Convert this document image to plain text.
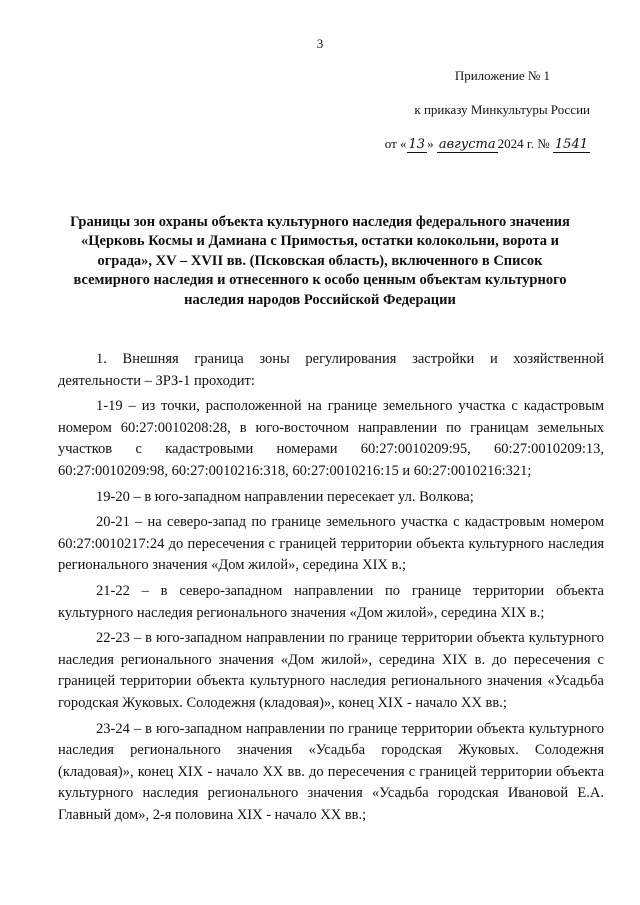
3
Приложение № 1
к приказу Минкультуры России
от « 13 » августа 2024 г. № 1541
Границы зон охраны объекта культурного наследия федерального значения «Церковь Космы и Дамиана с Примостья, остатки колокольни, ворота и ограда», XV – XVII вв. (Псковская область), включенного в Список всемирного наследия и отнесенного к особо ценным объектам культурного наследия народов Российской Федерации

1. Внешняя граница зоны регулирования застройки и хозяйственной деятельности – ЗРЗ-1 проходит:

1-19 – из точки, расположенной на границе земельного участка с кадастровым номером 60:27:0010208:28, в юго-восточном направлении по границам земельных участков с кадастровыми номерами 60:27:0010209:95, 60:27:0010209:13, 60:27:0010209:98, 60:27:0010216:318, 60:27:0010216:15 и 60:27:0010216:321;

19-20 – в юго-западном направлении пересекает ул. Волкова;

20-21 – на северо-запад по границе земельного участка с кадастровым номером 60:27:0010217:24 до пересечения с границей территории объекта культурного наследия регионального значения «Дом жилой», середина XIX в.;

21-22 – в северо-западном направлении по границе территории объекта культурного наследия регионального значения «Дом жилой», середина XIX в.;

22-23 – в юго-западном направлении по границе территории объекта культурного наследия регионального значения «Дом жилой», середина XIX в. до пересечения с границей территории объекта культурного наследия регионального значения «Усадьба городская Жуковых. Солодежня (кладовая)», конец XIX - начало XX вв.;

23-24 – в юго-западном направлении по границе территории объекта культурного наследия регионального значения «Усадьба городская Жуковых. Солодежня (кладовая)», конец XIX - начало XX вв. до пересечения с границей территории объекта культурного наследия регионального значения «Усадьба городская Ивановой Е.А. Главный дом», 2-я половина XIX - начало XX вв.;
